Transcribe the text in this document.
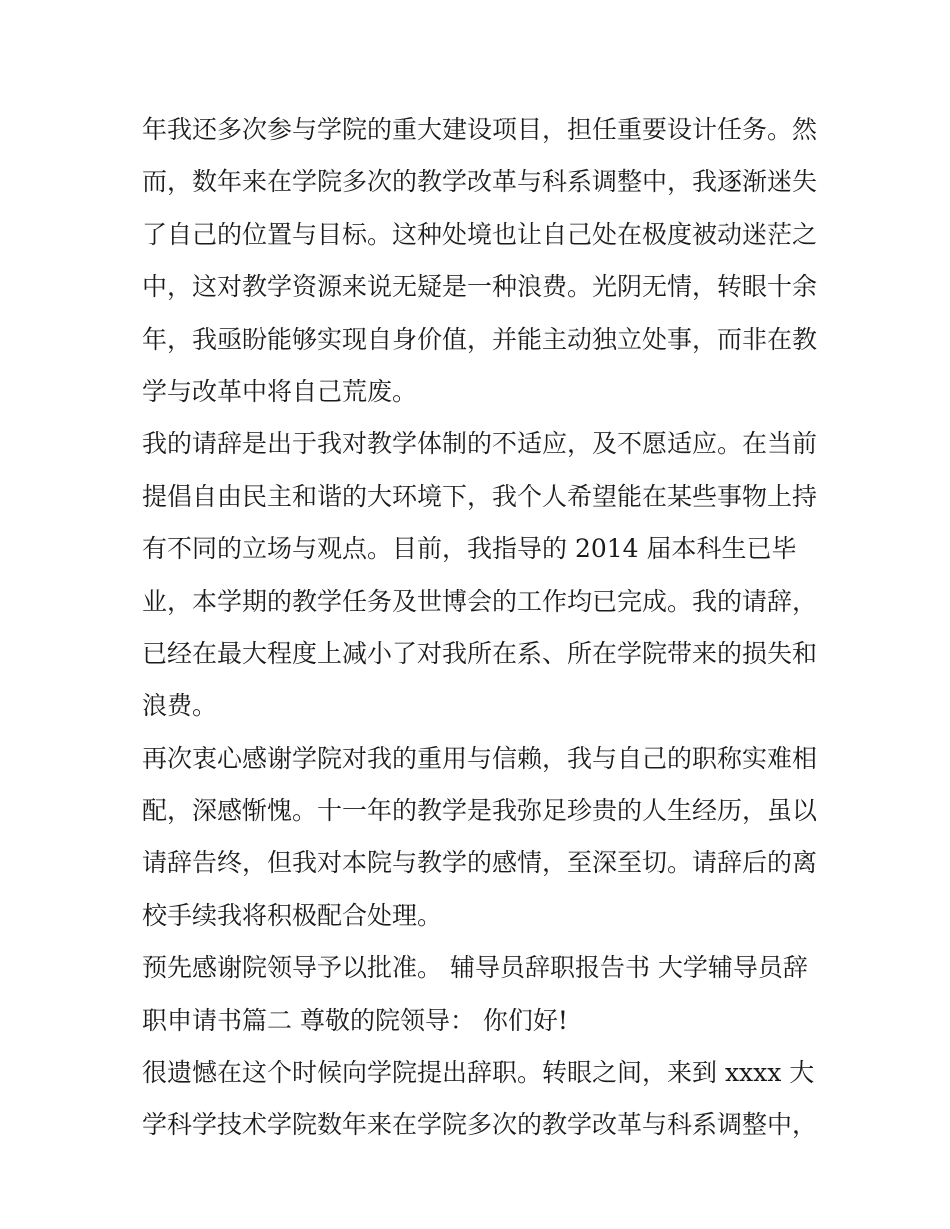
年我还多次参与学院的重大建设项目，担任重要设计任务。然
而，数年来在学院多次的教学改革与科系调整中，我逐渐迷失
了自己的位置与目标。这种处境也让自己处在极度被动迷茫之
中，这对教学资源来说无疑是一种浪费。光阴无情，转眼十余
年，我亟盼能够实现自身价值，并能主动独立处事，而非在教
学与改革中将自己荒废。
我的请辞是出于我对教学体制的不适应，及不愿适应。在当前
提倡自由民主和谐的大环境下，我个人希望能在某些事物上持
有不同的立场与观点。目前，我指导的 2014 届本科生已毕
业，本学期的教学任务及世博会的工作均已完成。我的请辞，
已经在最大程度上减小了对我所在系、所在学院带来的损失和
浪费。
再次衷心感谢学院对我的重用与信赖，我与自己的职称实难相
配，深感惭愧。十一年的教学是我弥足珍贵的人生经历，虽以
请辞告终，但我对本院与教学的感情，至深至切。请辞后的离
校手续我将积极配合处理。
预先感谢院领导予以批准。 辅导员辞职报告书 大学辅导员辞
职申请书篇二 尊敬的院领导： 你们好!
很遗憾在这个时候向学院提出辞职。转眼之间，来到 xxxx 大
学科学技术学院数年来在学院多次的教学改革与科系调整中，
